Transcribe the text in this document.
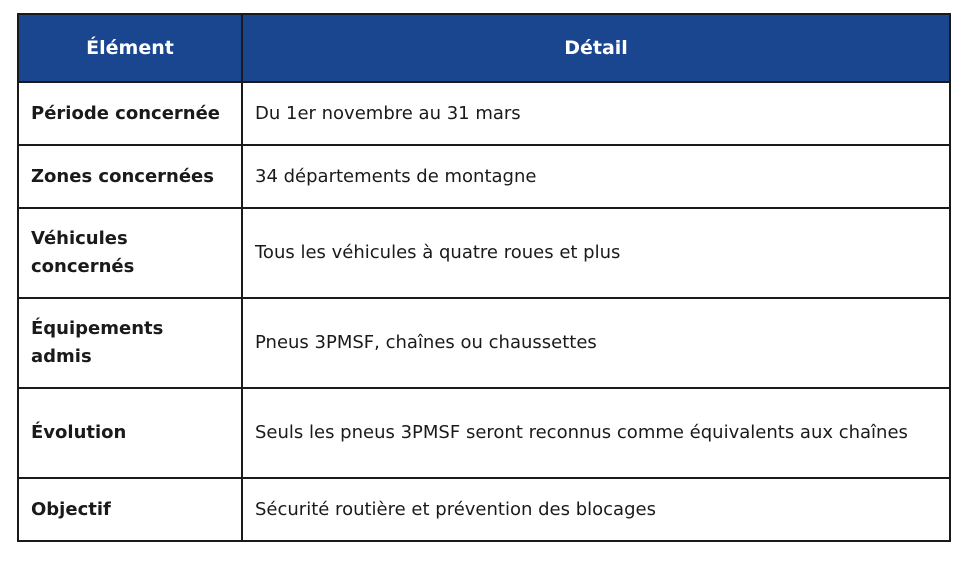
Élément	Détail
Période concernée	Du 1er novembre au 31 mars
Zones concernées	34 départements de montagne
Véhicules concernés	Tous les véhicules à quatre roues et plus
Équipements admis	Pneus 3PMSF, chaînes ou chaussettes
Évolution	Seuls les pneus 3PMSF seront reconnus comme équivalents aux chaînes
Objectif	Sécurité routière et prévention des blocages
